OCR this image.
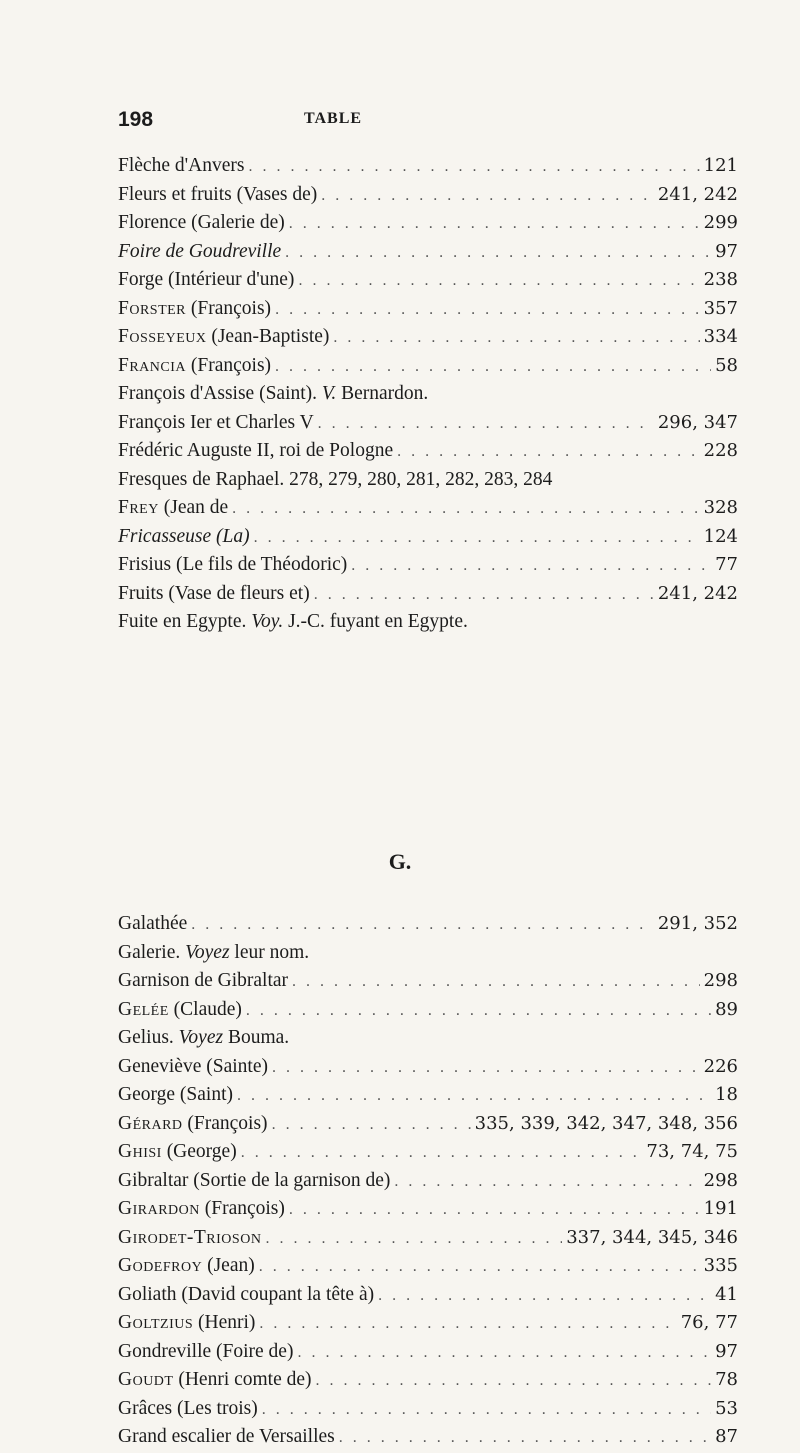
198	TABLE
Flèche d'Anvers . . .	121
Fleurs et fruits (Vases de) . . .	241, 242
Florence (Galerie de) . . .	299
Foire de Goudreville . . .	97
Forge (Intérieur d'une) . . .	238
Forster (François) . . .	357
Fosseyeux (Jean-Baptiste) . . .	334
Francia (François) . . .	58
François d'Assise (Saint). V. Bernardon.
François Ier et Charles V . . .	296, 347
Frédéric Auguste II, roi de Pologne . . .	228
Fresques de Raphael. 278, 279, 280, 281, 282, 283, 284
Frey (Jean de . . .	328
Fricasseuse (La) . . .	124
Frisius (Le fils de Théodoric) . . .	77
Fruits (Vase de fleurs et) . . .	241, 242
Fuite en Egypte. Voy. J.-C. fuyant en Egypte.
G.
Galathée . . .	291, 352
Galerie. Voyez leur nom.
Garnison de Gibraltar . . .	298
Gelée (Claude) . . .	89
Gelius. Voyez Bouma.
Geneviève (Sainte) . . .	226
George (Saint) . . .	18
Gérard (François) . . .	335, 339, 342, 347, 348, 356
Ghisi (George) . . .	73, 74, 75
Gibraltar (Sortie de la garnison de) . . .	298
Girardon (François) . . .	191
Girodet-Trioson . . .	337, 344, 345, 346
Godefroy (Jean) . . .	335
Goliath (David coupant la tête à) . . .	41
Goltzius (Henri) . . .	76, 77
Gondreville (Foire de) . . .	97
Goudt (Henri comte de) . . .	78
Grâces (Les trois) . . .	53
Grand escalier de Versailles . . .	87
